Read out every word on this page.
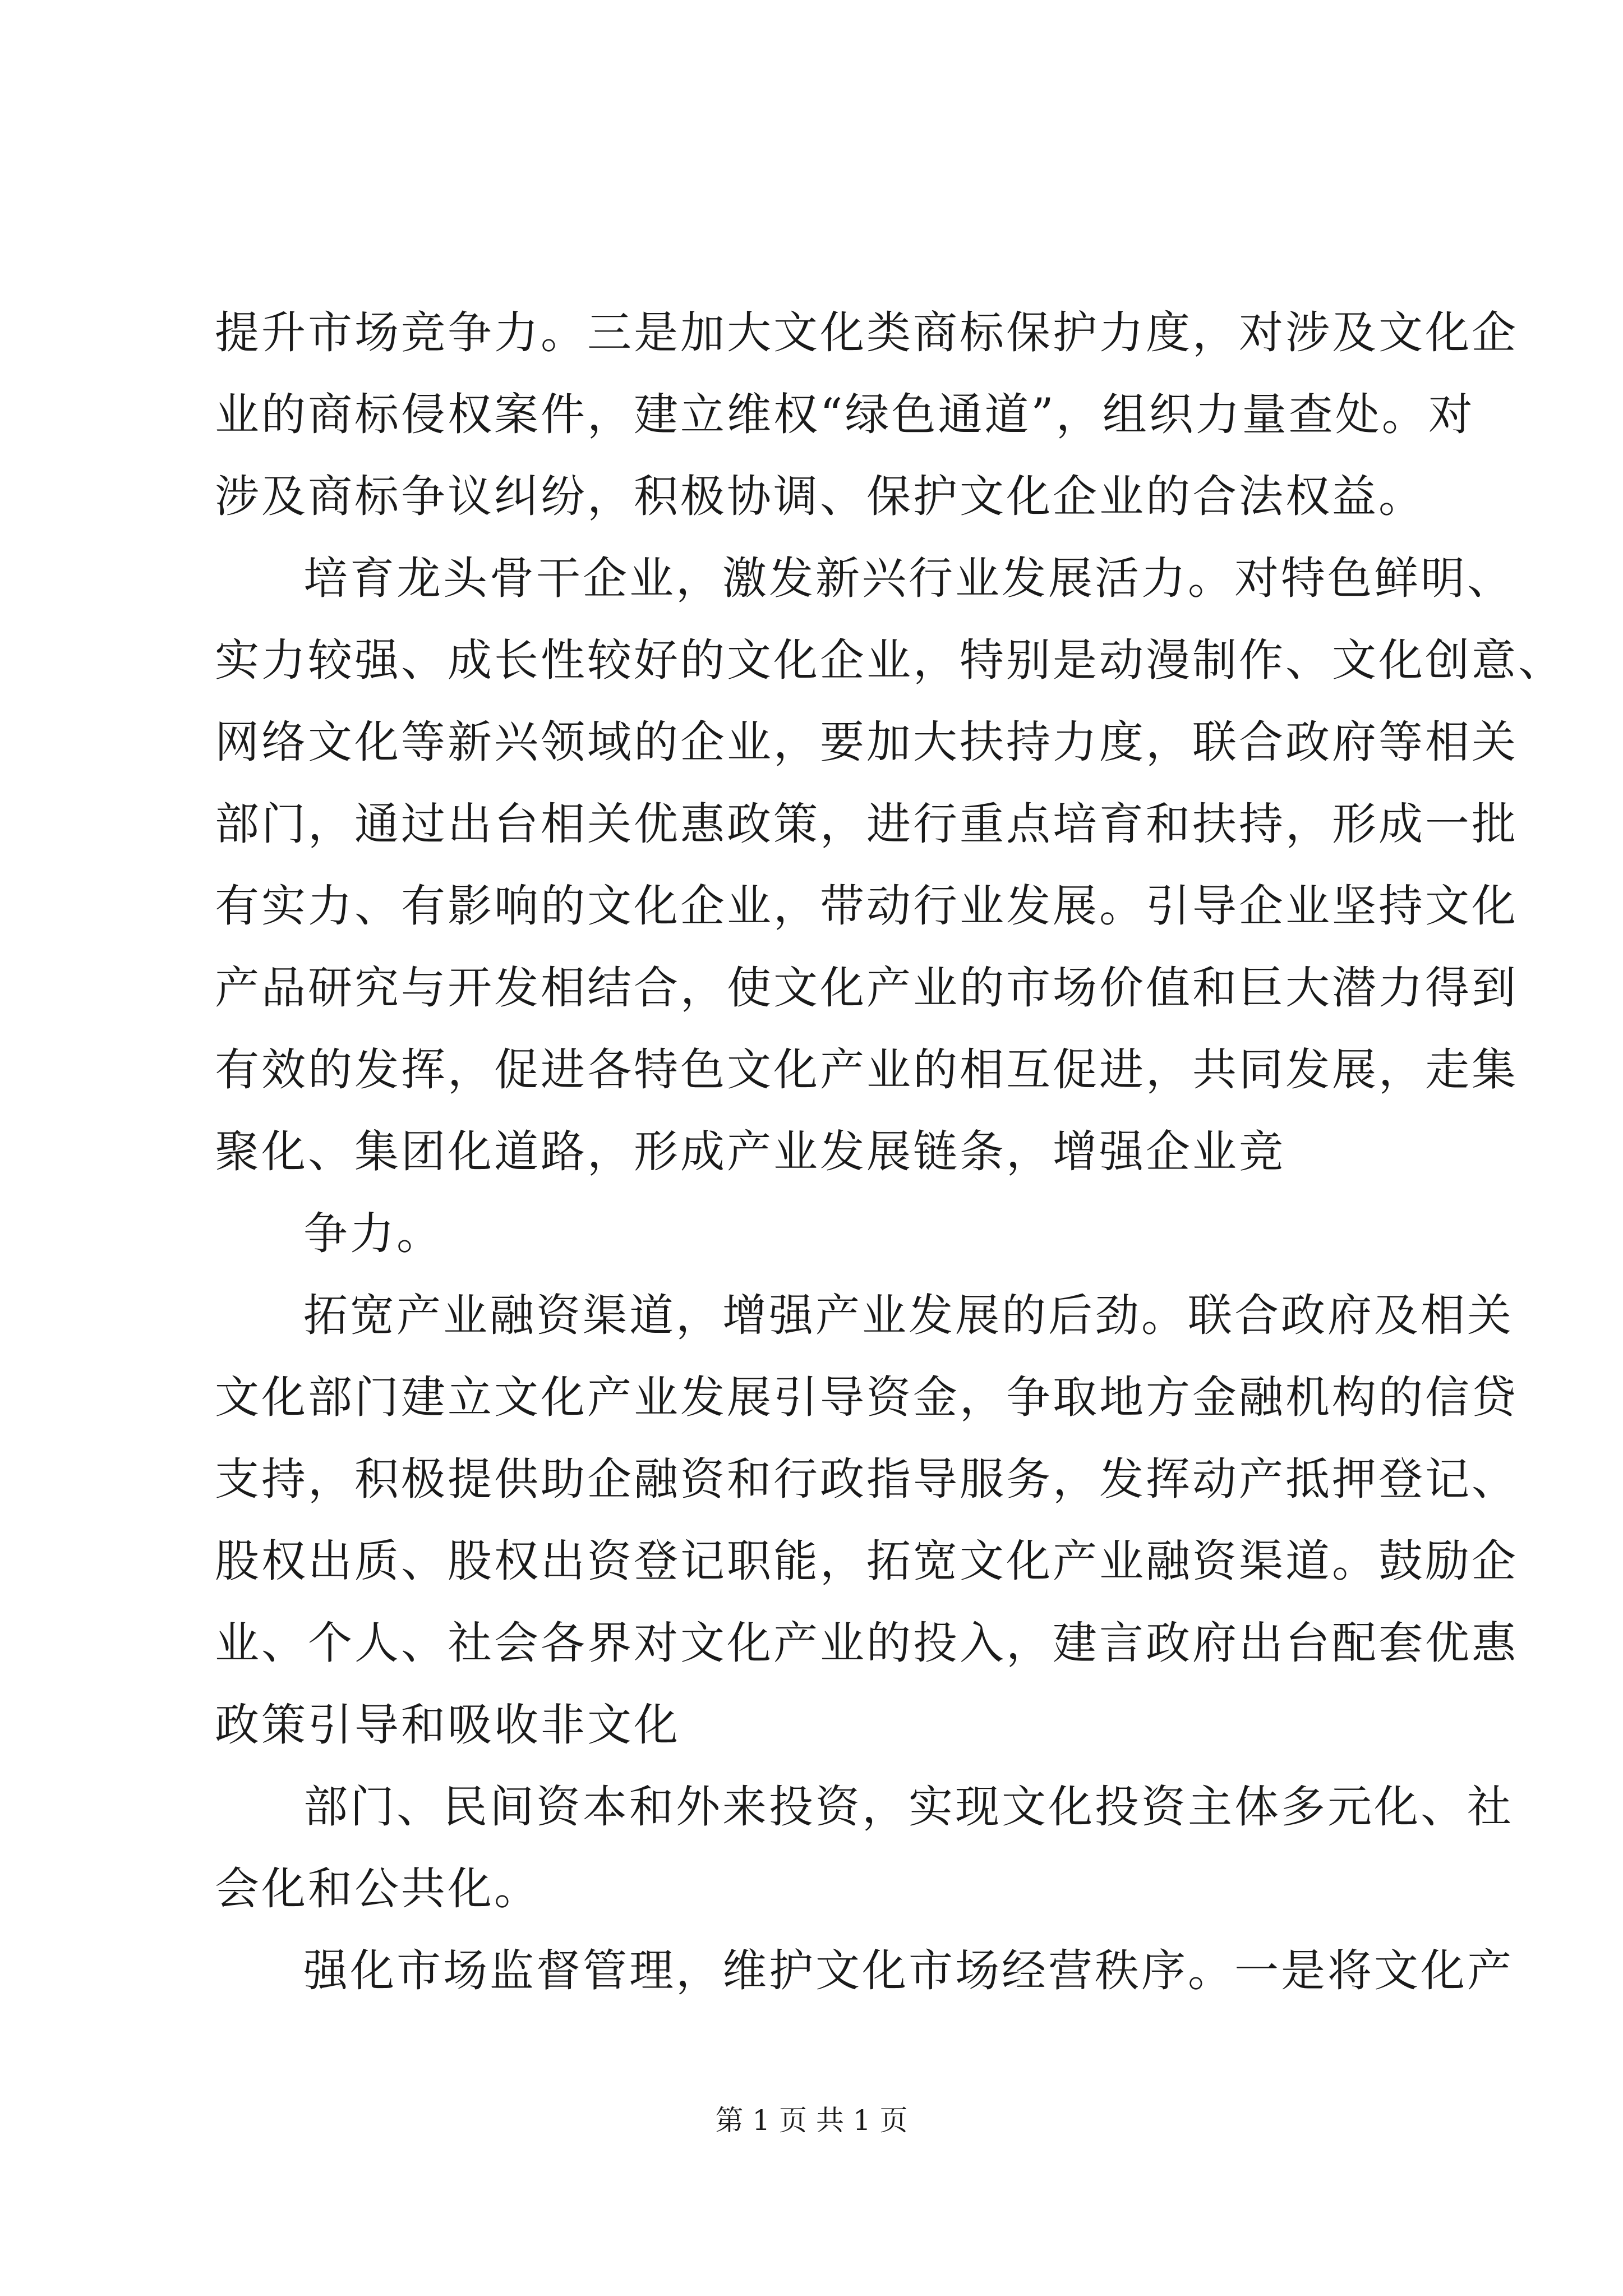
提升市场竞争力。三是加大文化类商标保护力度，对涉及文化企
业的商标侵权案件，建立维权“绿色通道”，组织力量查处。对
涉及商标争议纠纷，积极协调、保护文化企业的合法权益。
培育龙头骨干企业，激发新兴行业发展活力。对特色鲜明、
实力较强、成长性较好的文化企业，特别是动漫制作、文化创意、
网络文化等新兴领域的企业，要加大扶持力度，联合政府等相关
部门，通过出台相关优惠政策，进行重点培育和扶持，形成一批
有实力、有影响的文化企业，带动行业发展。引导企业坚持文化
产品研究与开发相结合，使文化产业的市场价值和巨大潜力得到
有效的发挥，促进各特色文化产业的相互促进，共同发展，走集
聚化、集团化道路，形成产业发展链条，增强企业竞
争力。
拓宽产业融资渠道，增强产业发展的后劲。联合政府及相关
文化部门建立文化产业发展引导资金，争取地方金融机构的信贷
支持，积极提供助企融资和行政指导服务，发挥动产抵押登记、
股权出质、股权出资登记职能，拓宽文化产业融资渠道。鼓励企
业、个人、社会各界对文化产业的投入，建言政府出台配套优惠
政策引导和吸收非文化
部门、民间资本和外来投资，实现文化投资主体多元化、社
会化和公共化。
强化市场监督管理，维护文化市场经营秩序。一是将文化产
第 1 页 共 1 页
